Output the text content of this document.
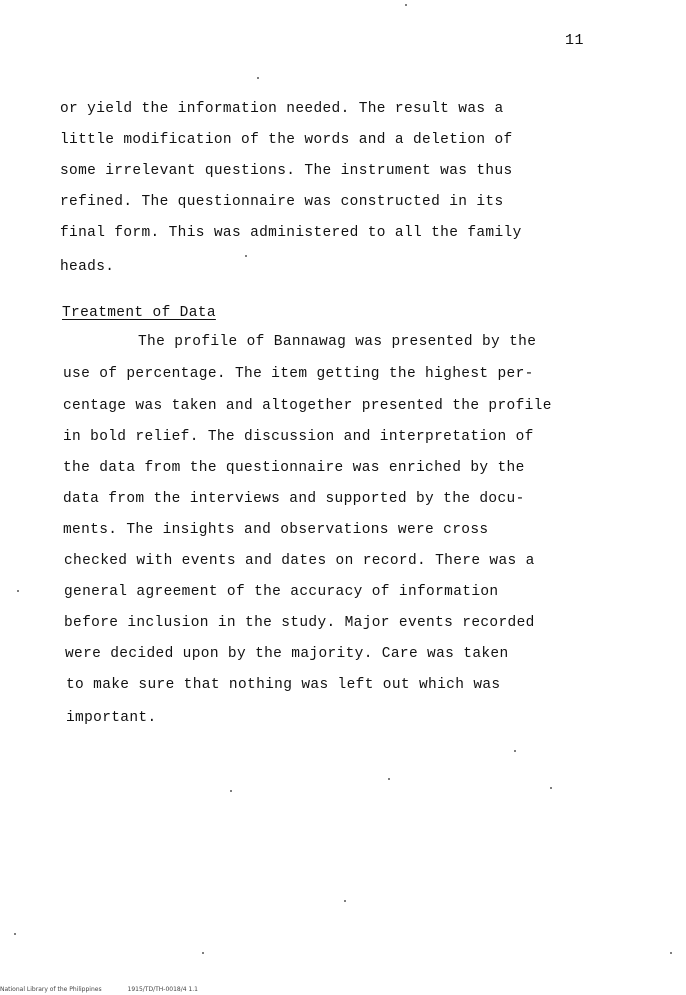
11
or yield the information needed. The result was a
little modification of the words and a deletion of
some irrelevant questions. The instrument was thus
refined. The questionnaire was constructed in its
final form. This was administered to all the family
heads.
Treatment of Data
The profile of Bannawag was presented by the
use of percentage. The item getting the highest per-
centage was taken and altogether presented the profile
in bold relief. The discussion and interpretation of
the data from the questionnaire was enriched by the
data from the interviews and supported by the docu-
ments. The insights and observations were cross
checked with events and dates on record. There was a
general agreement of the accuracy of information
before inclusion in the study. Major events recorded
were decided upon by the majority. Care was taken
to make sure that nothing was left out which was
important.
National Library of the Philippines	1915/TD/TH-0018/4 1.1
